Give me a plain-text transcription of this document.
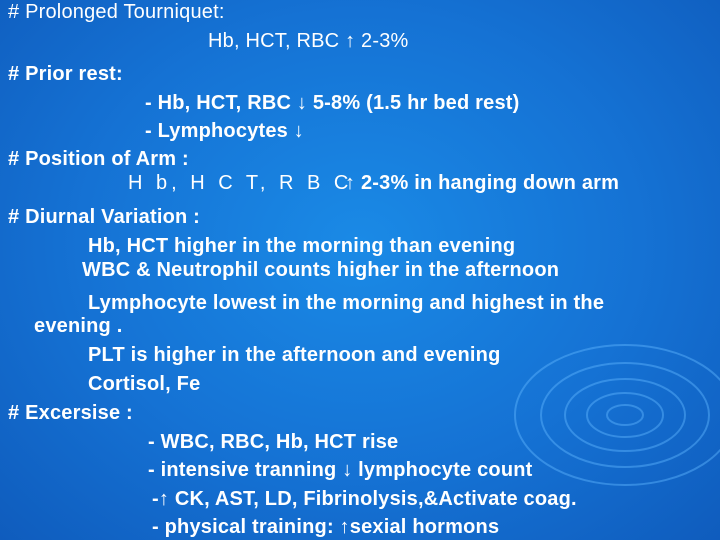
# Prolonged Tourniquet:
Hb, HCT, RBC ↑ 2-3%
# Prior rest:
- Hb, HCT, RBC ↓ 5-8% (1.5 hr bed rest)
- Lymphocytes ↓
# Position of Arm :
H b, H C T, R B C
↑ 2-3% in hanging down arm
# Diurnal Variation :
Hb, HCT higher in the morning than evening
WBC & Neutrophil counts higher in the afternoon
Lymphocyte lowest in the morning and highest in the
evening .
PLT is higher in the afternoon and evening
Cortisol, Fe
# Excersise :
- WBC, RBC, Hb, HCT rise
- intensive tranning ↓ lymphocyte count
-↑ CK, AST, LD, Fibrinolysis,&Activate coag.
- physical training: ↑sexial hormons
